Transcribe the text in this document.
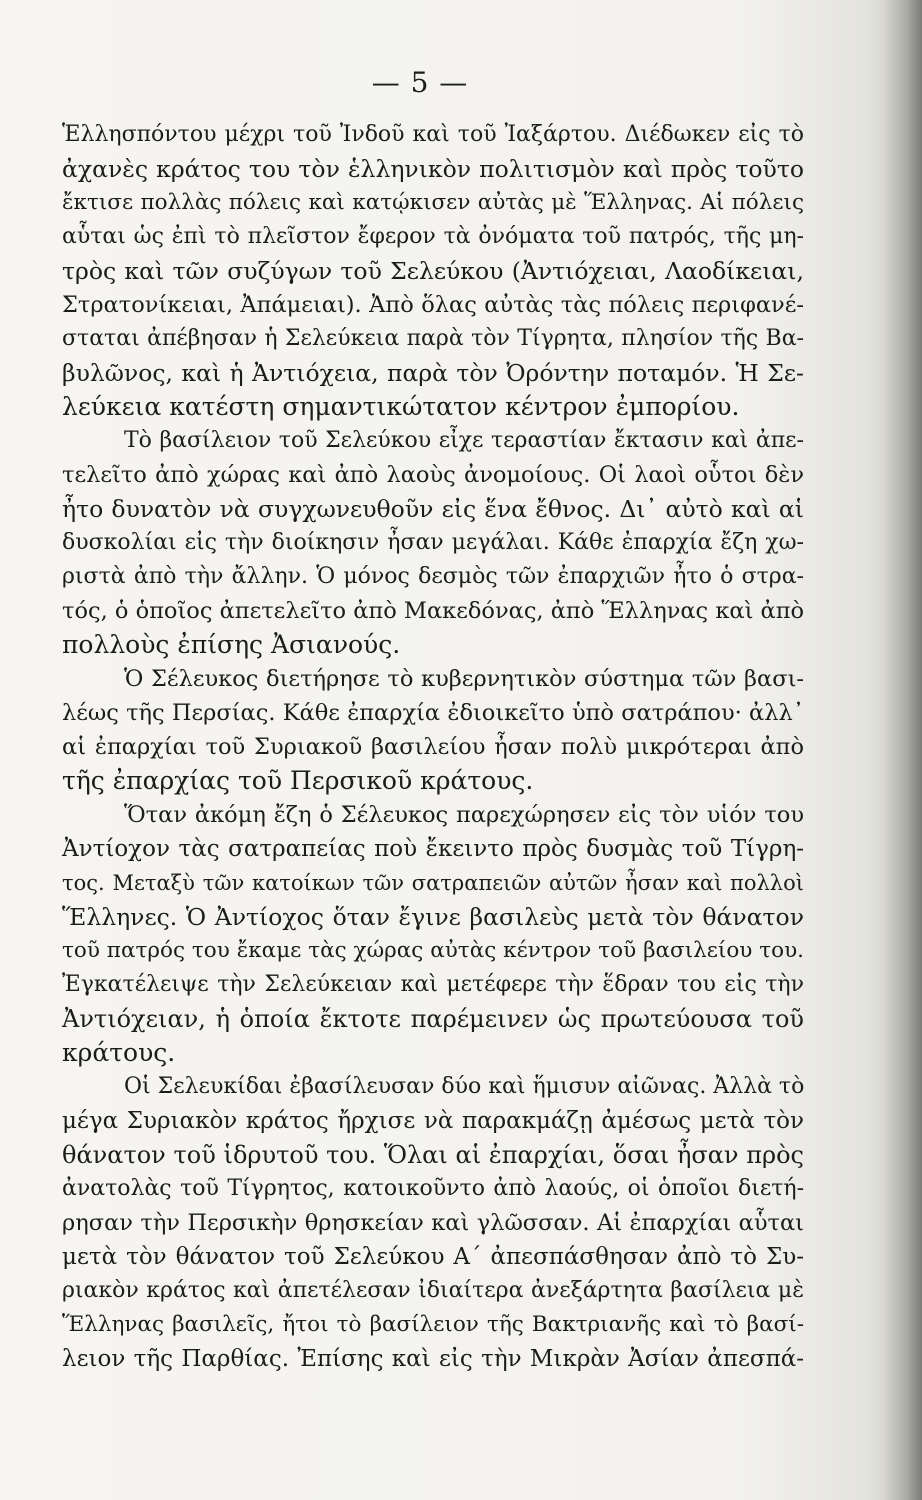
— 5 —
Ἑλλησπόντου μέχρι τοῦ Ἰνδοῦ καὶ τοῦ Ἰαξάρτου. Διέδωκεν εἰς τὸ
ἀχανὲς κράτος του τὸν ἑλληνικὸν πολιτισμὸν καὶ πρὸς τοῦτο
ἔκτισε πολλὰς πόλεις καὶ κατῴκισεν αὐτὰς μὲ Ἕλληνας. Αἱ πόλεις
αὗται ὡς ἐπὶ τὸ πλεῖστον ἔφερον τὰ ὀνόματα τοῦ πατρός, τῆς μη-
τρὸς καὶ τῶν συζύγων τοῦ Σελεύκου (Ἀντιόχειαι, Λαοδίκειαι,
Στρατονίκειαι, Ἀπάμειαι). Ἀπὸ ὅλας αὐτὰς τὰς πόλεις περιφανέ-
σταται ἀπέβησαν ἡ Σελεύκεια παρὰ τὸν Τίγρητα, πλησίον τῆς Βα-
βυλῶνος, καὶ ἡ Ἀντιόχεια, παρὰ τὸν Ὀρόντην ποταμόν. Ἡ Σε-
λεύκεια κατέστη σημαντικώτατον κέντρον ἐμπορίου.
Τὸ βασίλειον τοῦ Σελεύκου εἶχε τεραστίαν ἔκτασιν καὶ ἀπε-
τελεῖτο ἀπὸ χώρας καὶ ἀπὸ λαοὺς ἀνομοίους. Οἱ λαοὶ οὗτοι δὲν
ἦτο δυνατὸν νὰ συγχωνευθοῦν εἰς ἕνα ἔθνος. Δι᾽ αὐτὸ καὶ αἱ
δυσκολίαι εἰς τὴν διοίκησιν ἦσαν μεγάλαι. Κάθε ἐπαρχία ἔζη χω-
ριστὰ ἀπὸ τὴν ἄλλην. Ὁ μόνος δεσμὸς τῶν ἐπαρχιῶν ἦτο ὁ στρα-
τός, ὁ ὁποῖος ἀπετελεῖτο ἀπὸ Μακεδόνας, ἀπὸ Ἕλληνας καὶ ἀπὸ
πολλοὺς ἐπίσης Ἀσιανούς.
Ὁ Σέλευκος διετήρησε τὸ κυβερνητικὸν σύστημα τῶν βασι-
λέως τῆς Περσίας. Κάθε ἐπαρχία ἐδιοικεῖτο ὑπὸ σατράπου· ἀλλ᾽
αἱ ἐπαρχίαι τοῦ Συριακοῦ βασιλείου ἦσαν πολὺ μικρότεραι ἀπὸ
τῆς ἐπαρχίας τοῦ Περσικοῦ κράτους.
Ὅταν ἀκόμη ἔζη ὁ Σέλευκος παρεχώρησεν εἰς τὸν υἱόν του
Ἀντίοχον τὰς σατραπείας ποὺ ἔκειντο πρὸς δυσμὰς τοῦ Τίγρη-
τος. Μεταξὺ τῶν κατοίκων τῶν σατραπειῶν αὐτῶν ἦσαν καὶ πολλοὶ
Ἕλληνες. Ὁ Ἀντίοχος ὅταν ἔγινε βασιλεὺς μετὰ τὸν θάνατον
τοῦ πατρός του ἔκαμε τὰς χώρας αὐτὰς κέντρον τοῦ βασιλείου του.
Ἐγκατέλειψε τὴν Σελεύκειαν καὶ μετέφερε τὴν ἕδραν του εἰς τὴν
Ἀντιόχειαν, ἡ ὁποία ἔκτοτε παρέμεινεν ὡς πρωτεύουσα τοῦ
κράτους.
Οἱ Σελευκίδαι ἐβασίλευσαν δύο καὶ ἥμισυν αἰῶνας. Ἀλλὰ τὸ
μέγα Συριακὸν κράτος ἤρχισε νὰ παρακμάζῃ ἀμέσως μετὰ τὸν
θάνατον τοῦ ἱδρυτοῦ του. Ὅλαι αἱ ἐπαρχίαι, ὅσαι ἦσαν πρὸς
ἀνατολὰς τοῦ Τίγρητος, κατοικοῦντο ἀπὸ λαούς, οἱ ὁποῖοι διετή-
ρησαν τὴν Περσικὴν θρησκείαν καὶ γλῶσσαν. Αἱ ἐπαρχίαι αὗται
μετὰ τὸν θάνατον τοῦ Σελεύκου Α΄ ἀπεσπάσθησαν ἀπὸ τὸ Συ-
ριακὸν κράτος καὶ ἀπετέλεσαν ἰδιαίτερα ἀνεξάρτητα βασίλεια μὲ
Ἕλληνας βασιλεῖς, ἤτοι τὸ βασίλειον τῆς Βακτριανῆς καὶ τὸ βασί-
λειον τῆς Παρθίας. Ἐπίσης καὶ εἰς τὴν Μικρὰν Ἀσίαν ἀπεσπά-
